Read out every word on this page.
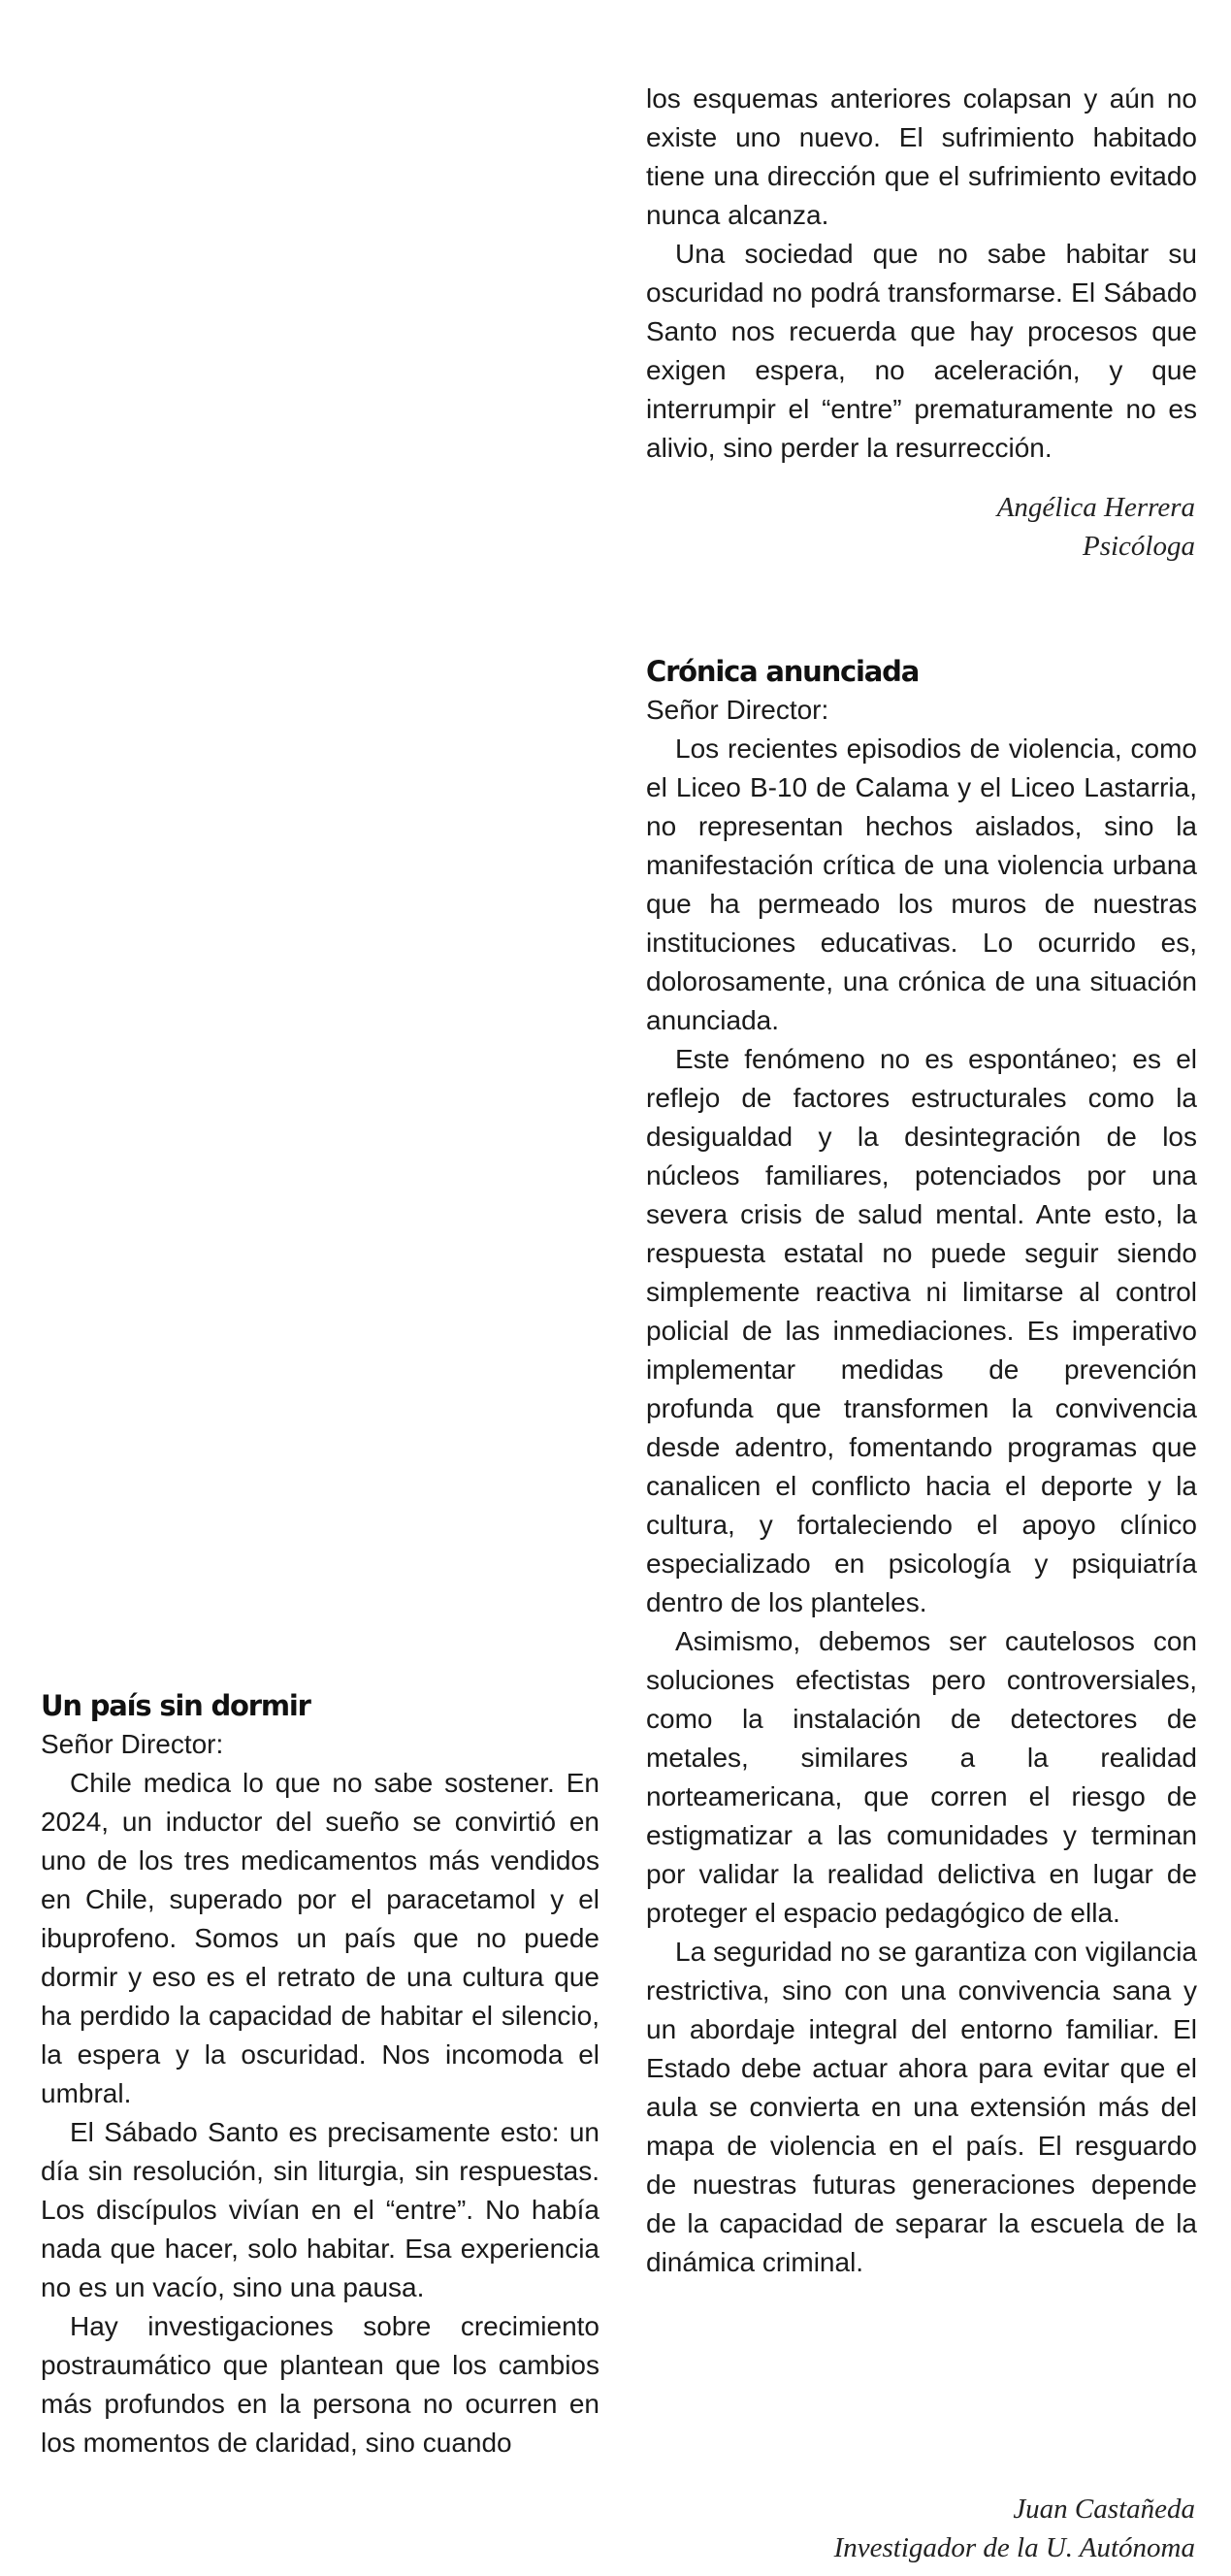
los esquemas anteriores colapsan y aún no existe uno nuevo. El sufrimiento habitado tiene una dirección que el sufrimiento evitado nunca alcanza.

Una sociedad que no sabe habitar su oscuridad no podrá transformarse. El Sábado Santo nos recuerda que hay procesos que exigen espera, no aceleración, y que interrumpir el “entre” prematuramente no es alivio, sino perder la resurrección.

Angélica Herrera
Psicóloga
Crónica anunciada

Señor Director:

Los recientes episodios de violencia, como el Liceo B-10 de Calama y el Liceo Lastarria, no representan hechos aislados, sino la manifestación crítica de una violencia urbana que ha permeado los muros de nuestras instituciones educativas. Lo ocurrido es, dolorosamente, una crónica de una situación anunciada.

Este fenómeno no es espontáneo; es el reflejo de factores estructurales como la desigualdad y la desintegración de los núcleos familiares, potenciados por una severa crisis de salud mental. Ante esto, la respuesta estatal no puede seguir siendo simplemente reactiva ni limitarse al control policial de las inmediaciones. Es imperativo implementar medidas de prevención profunda que transformen la convivencia desde adentro, fomentando programas que canalicen el conflicto hacia el deporte y la cultura, y fortaleciendo el apoyo clínico especializado en psicología y psiquiatría dentro de los planteles.

Asimismo, debemos ser cautelosos con soluciones efectistas pero controversiales, como la instalación de detectores de metales, similares a la realidad norteamericana, que corren el riesgo de estigmatizar a las comunidades y terminan por validar la realidad delictiva en lugar de proteger el espacio pedagógico de ella.

La seguridad no se garantiza con vigilancia restrictiva, sino con una convivencia sana y un abordaje integral del entorno familiar. El Estado debe actuar ahora para evitar que el aula se convierta en una extensión más del mapa de violencia en el país. El resguardo de nuestras futuras generaciones depende de la capacidad de separar la escuela de la dinámica criminal.

Juan Castañeda
Investigador de la U. Autónoma
Un país sin dormir

Señor Director:

Chile medica lo que no sabe sostener. En 2024, un inductor del sueño se convirtió en uno de los tres medicamentos más vendidos en Chile, superado por el paracetamol y el ibuprofeno. Somos un país que no puede dormir y eso es el retrato de una cultura que ha perdido la capacidad de habitar el silencio, la espera y la oscuridad. Nos incomoda el umbral.

El Sábado Santo es precisamente esto: un día sin resolución, sin liturgia, sin respuestas. Los discípulos vivían en el “entre”. No había nada que hacer, solo habitar. Esa experiencia no es un vacío, sino una pausa.

Hay investigaciones sobre crecimiento postraumático que plantean que los cambios más profundos en la persona no ocurren en los momentos de claridad, sino cuando
